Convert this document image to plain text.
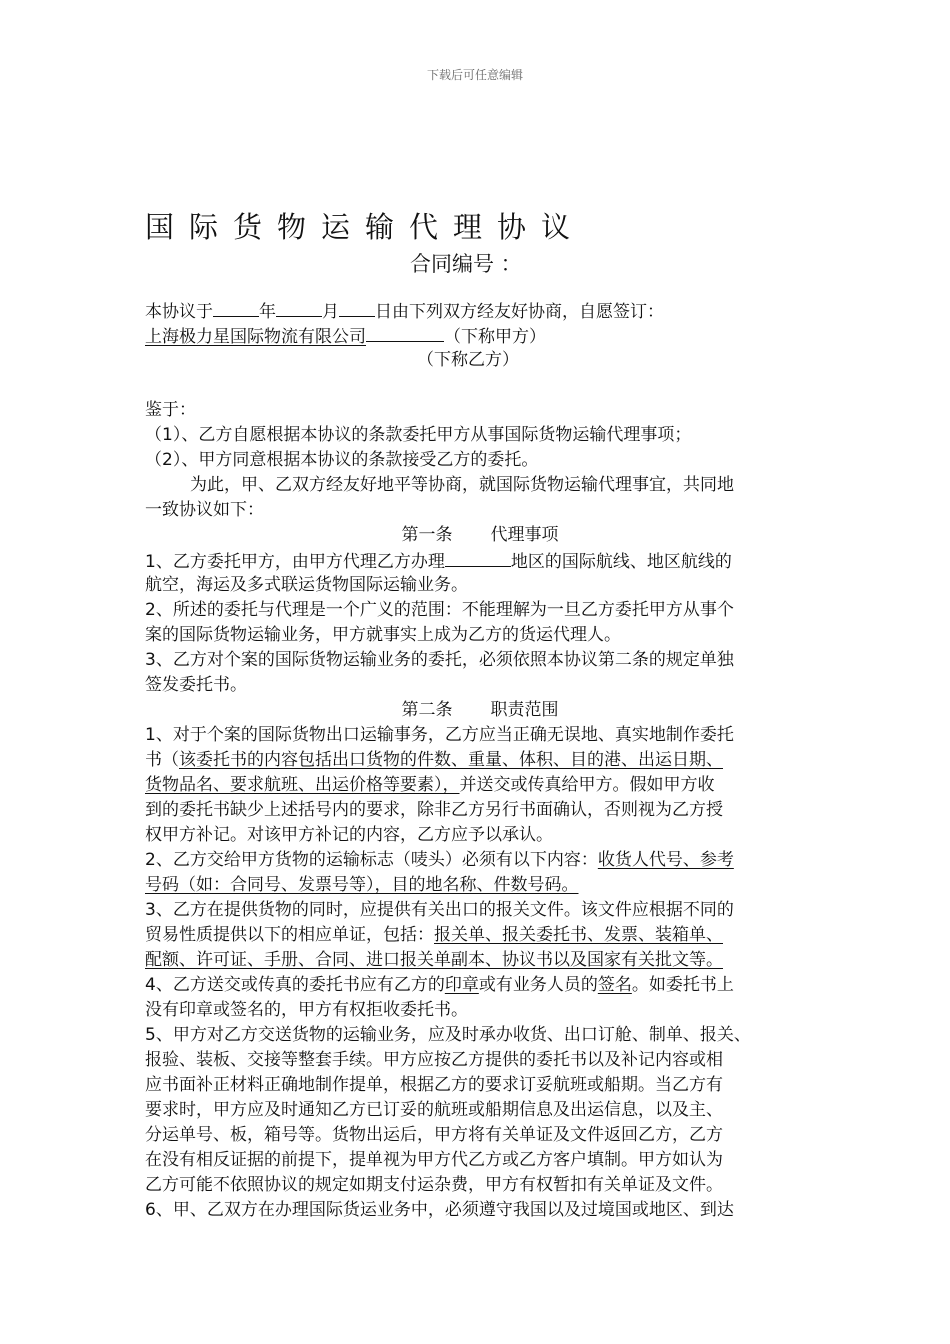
下载后可任意编辑
国际货物运输代理协议
合同编号 ：
本协议于	年	月 日由下列双方经友好协商，自愿签订：
上海极力星国际物流有限公司	（下称甲方）
（下称乙方）
鉴于：
（1）、乙方自愿根据本协议的条款委托甲方从事国际货物运输代理事项；
（2）、甲方同意根据本协议的条款接受乙方的委托。
为此，甲、乙双方经友好地平等协商，就国际货物运输代理事宜，共同地
一致协议如下：
第一条 代理事项
1、乙方委托甲方，由甲方代理乙方办理	地区的国际航线、地区航线的
航空，海运及多式联运货物国际运输业务。
2、所述的委托与代理是一个广义的范围：不能理解为一旦乙方委托甲方从事个
案的国际货物运输业务，甲方就事实上成为乙方的货运代理人。
3、乙方对个案的国际货物运输业务的委托，必须依照本协议第二条的规定单独
签发委托书。
第二条 职责范围
1、对于个案的国际货物出口运输事务，乙方应当正确无误地、真实地制作委托
书（该委托书的内容包括出口货物的件数、重量、体积、目的港、出运日期、
货物品名、要求航班、出运价格等要素），并送交或传真给甲方。假如甲方收
到的委托书缺少上述括号内的要求，除非乙方另行书面确认，否则视为乙方授
权甲方补记。对该甲方补记的内容，乙方应予以承认。
2、乙方交给甲方货物的运输标志（唛头）必须有以下内容：收货人代号、参考
号码（如：合同号、发票号等），目的地名称、件数号码。
3、乙方在提供货物的同时，应提供有关出口的报关文件。该文件应根据不同的
贸易性质提供以下的相应单证，包括：报关单、报关委托书、发票、装箱单、
配额、许可证、手册、合同、进口报关单副本、协议书以及国家有关批文等。
4、乙方送交或传真的委托书应有乙方的印章或有业务人员的签名。如委托书上
没有印章或签名的，甲方有权拒收委托书。
5、甲方对乙方交送货物的运输业务，应及时承办收货、出口订舱、制单、报关、
报验、装板、交接等整套手续。甲方应按乙方提供的委托书以及补记内容或相
应书面补正材料正确地制作提单，根据乙方的要求订妥航班或船期。当乙方有
要求时，甲方应及时通知乙方已订妥的航班或船期信息及出运信息，以及主、
分运单号、板，箱号等。货物出运后，甲方将有关单证及文件返回乙方，乙方
在没有相反证据的前提下，提单视为甲方代乙方或乙方客户填制。甲方如认为
乙方可能不依照协议的规定如期支付运杂费，甲方有权暂扣有关单证及文件。
6、甲、乙双方在办理国际货运业务中，必须遵守我国以及过境国或地区、到达
